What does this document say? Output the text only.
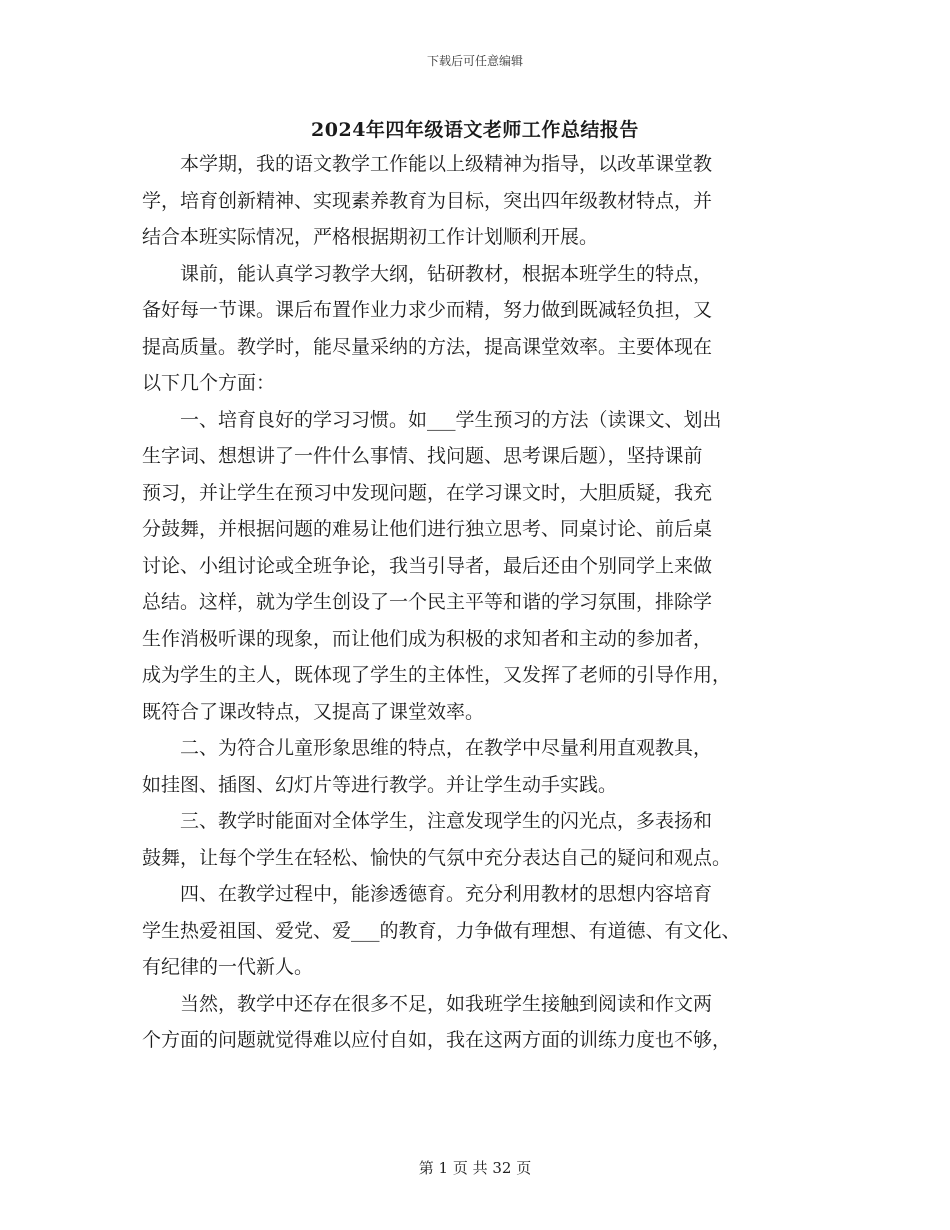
下载后可任意编辑
2024年四年级语文老师工作总结报告
　　本学期，我的语文教学工作能以上级精神为指导，以改革课堂教
学，培育创新精神、实现素养教育为目标，突出四年级教材特点，并
结合本班实际情况，严格根据期初工作计划顺利开展。
　　课前，能认真学习教学大纲，钻研教材，根据本班学生的特点，
备好每一节课。课后布置作业力求少而精，努力做到既减轻负担，又
提高质量。教学时，能尽量采纳的方法，提高课堂效率。主要体现在
以下几个方面：
　　一、培育良好的学习习惯。如___学生预习的方法（读课文、划出
生字词、想想讲了一件什么事情、找问题、思考课后题），坚持课前
预习，并让学生在预习中发现问题，在学习课文时，大胆质疑，我充
分鼓舞，并根据问题的难易让他们进行独立思考、同桌讨论、前后桌
讨论、小组讨论或全班争论，我当引导者，最后还由个别同学上来做
总结。这样，就为学生创设了一个民主平等和谐的学习氛围，排除学
生作消极听课的现象，而让他们成为积极的求知者和主动的参加者，
成为学生的主人，既体现了学生的主体性，又发挥了老师的引导作用，
既符合了课改特点，又提高了课堂效率。
　　二、为符合儿童形象思维的特点，在教学中尽量利用直观教具，
如挂图、插图、幻灯片等进行教学。并让学生动手实践。
　　三、教学时能面对全体学生，注意发现学生的闪光点，多表扬和
鼓舞，让每个学生在轻松、愉快的气氛中充分表达自己的疑问和观点。
　　四、在教学过程中，能渗透德育。充分利用教材的思想内容培育
学生热爱祖国、爱党、爱___的教育，力争做有理想、有道德、有文化、
有纪律的一代新人。
　　当然，教学中还存在很多不足，如我班学生接触到阅读和作文两
个方面的问题就觉得难以应付自如，我在这两方面的训练力度也不够，
第 1 页 共 32 页
